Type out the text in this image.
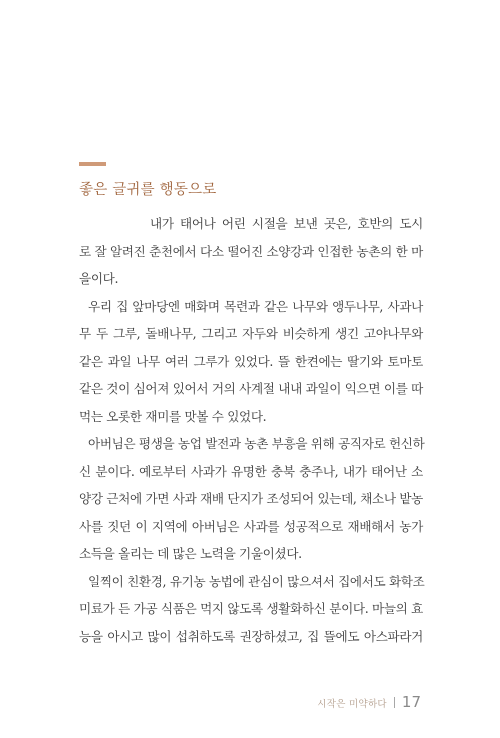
좋은 글귀를 행동으로

내가 태어나 어린 시절을 보낸 곳은, 호반의 도시
로 잘 알려진 춘천에서 다소 떨어진 소양강과 인접한 농촌의 한 마
을이다.

우리 집 앞마당엔 매화며 목련과 같은 나무와 앵두나무, 사과나
무 두 그루, 돌배나무, 그리고 자두와 비슷하게 생긴 고야나무와
같은 과일 나무 여러 그루가 있었다. 뜰 한켠에는 딸기와 토마토
같은 것이 심어져 있어서 거의 사계절 내내 과일이 익으면 이를 따
먹는 오롯한 재미를 맛볼 수 있었다.

아버님은 평생을 농업 발전과 농촌 부흥을 위해 공직자로 헌신하
신 분이다. 예로부터 사과가 유명한 충북 충주나, 내가 태어난 소
양강 근처에 가면 사과 재배 단지가 조성되어 있는데, 채소나 밭농
사를 짓던 이 지역에 아버님은 사과를 성공적으로 재배해서 농가
소득을 올리는 데 많은 노력을 기울이셨다.

일찍이 친환경, 유기농 농법에 관심이 많으셔서 집에서도 화학조
미료가 든 가공 식품은 먹지 않도록 생활화하신 분이다. 마늘의 효
능을 아시고 많이 섭취하도록 권장하셨고, 집 뜰에도 아스파라거

시작은 미약하다 17
